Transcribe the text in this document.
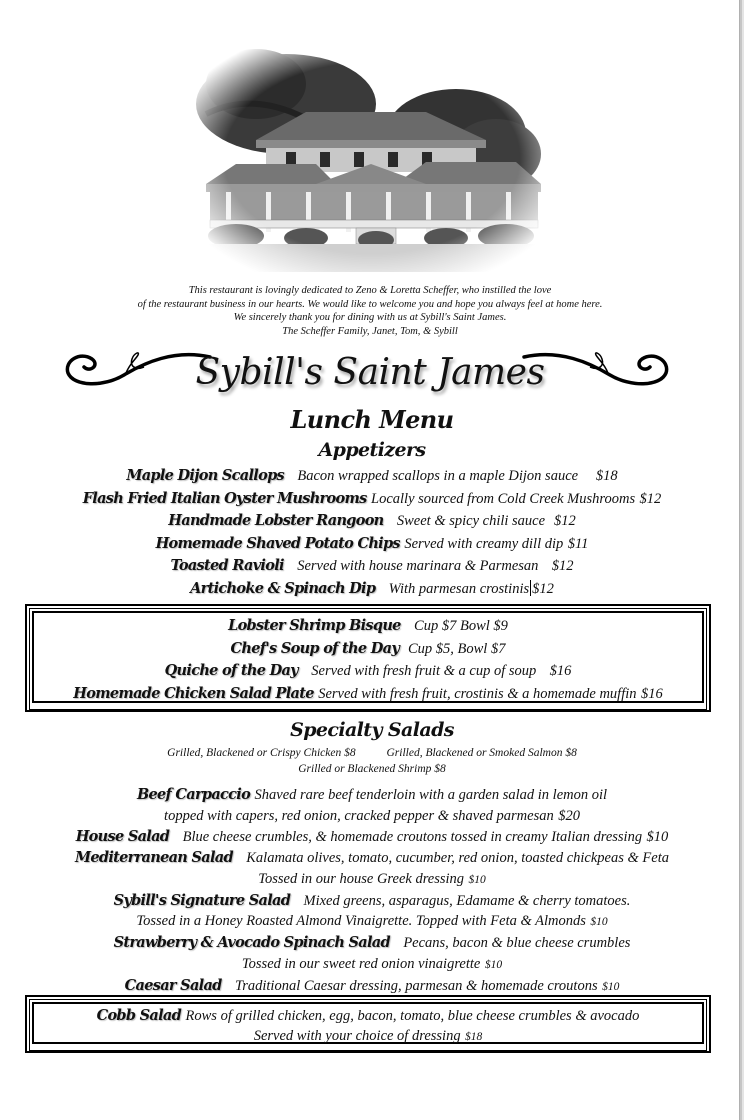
This restaurant is lovingly dedicated to Zeno & Loretta Scheffer, who instilled the love
of the restaurant business in our hearts. We would like to welcome you and hope you always feel at home here.
We sincerely thank you for dining with us at Sybill's Saint James.
The Scheffer Family, Janet, Tom, & Sybill
Sybill's Saint James
Lunch Menu
Appetizers
Maple Dijon Scallops Bacon wrapped scallops in a maple Dijon sauce $18
Flash Fried Italian Oyster Mushrooms Locally sourced from Cold Creek Mushrooms $12
Handmade Lobster Rangoon Sweet & spicy chili sauce $12
Homemade Shaved Potato Chips Served with creamy dill dip $11
Toasted Ravioli Served with house marinara & Parmesan $12
Artichoke & Spinach Dip With parmesan crostinis $12
Lobster Shrimp Bisque Cup $7 Bowl $9
Chef's Soup of the Day Cup $5, Bowl $7
Quiche of the Day Served with fresh fruit & a cup of soup $16
Homemade Chicken Salad Plate Served with fresh fruit, crostinis & a homemade muffin $16
Specialty Salads
Grilled, Blackened or Crispy Chicken $8	Grilled, Blackened or Smoked Salmon $8
Grilled or Blackened Shrimp $8
Beef Carpaccio Shaved rare beef tenderloin with a garden salad in lemon oil
topped with capers, red onion, cracked pepper & shaved parmesan $20
House Salad Blue cheese crumbles, & homemade croutons tossed in creamy Italian dressing $10
Mediterranean Salad Kalamata olives, tomato, cucumber, red onion, toasted chickpeas & Feta
Tossed in our house Greek dressing $10
Sybill's Signature Salad Mixed greens, asparagus, Edamame & cherry tomatoes.
Tossed in a Honey Roasted Almond Vinaigrette. Topped with Feta & Almonds $10
Strawberry & Avocado Spinach Salad Pecans, bacon & blue cheese crumbles
Tossed in our sweet red onion vinaigrette $10
Caesar Salad Traditional Caesar dressing, parmesan & homemade croutons $10
Cobb Salad Rows of grilled chicken, egg, bacon, tomato, blue cheese crumbles & avocado
Served with your choice of dressing $18
